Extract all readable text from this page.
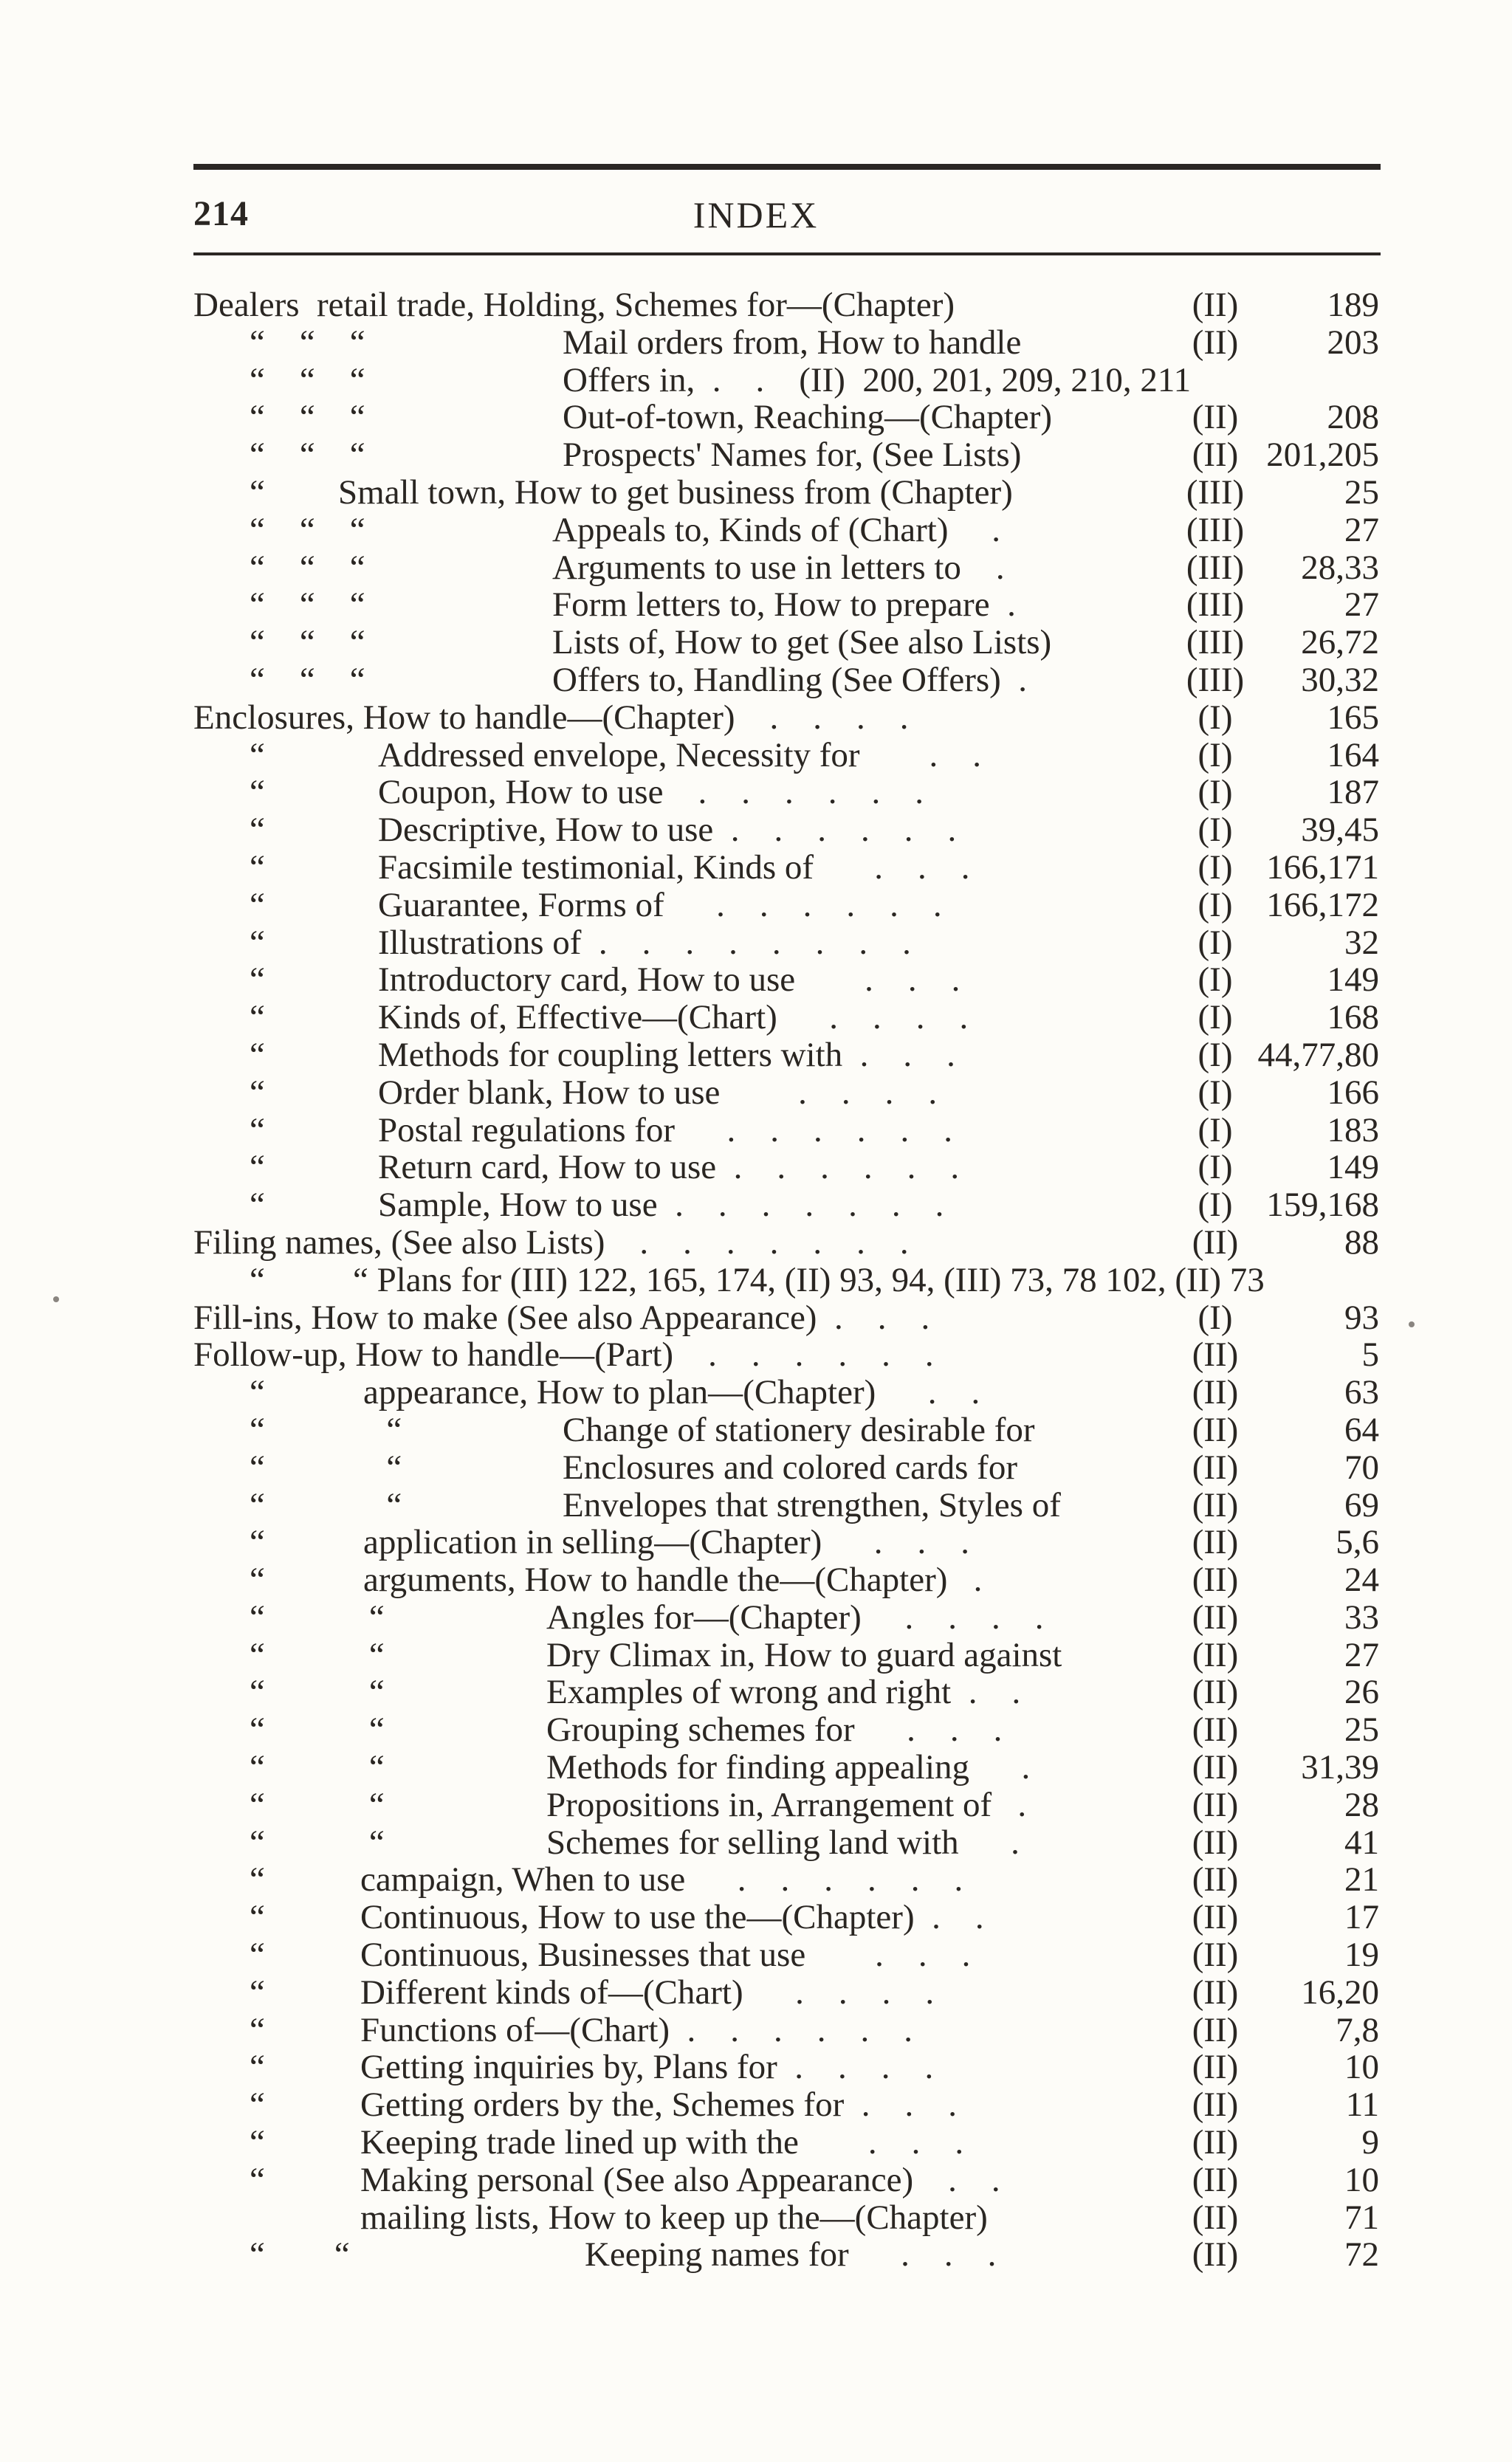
214	INDEX
Dealers  retail trade, Holding, Schemes for—(Chapter)	(II)	189
“    “    “	Mail orders from, How to handle	(II)	203
“    “    “	Offers in,  .    .    (II)  200, 201, 209, 210, 211
“    “    “	Out-of-town, Reaching—(Chapter)	(II)	208
“    “    “	Prospects' Names for, (See Lists)	(II) 201,205
“ Small town, How to get business from (Chapter)	(III)	25
“    “    “	Appeals to, Kinds of (Chart)     .	(III)	27
“    “    “	Arguments to use in letters to    .	(III) 28,33
“    “    “	Form letters to, How to prepare  .	(III)	27
“    “    “	Lists of, How to get (See also Lists)	(III) 26,72
“    “    “	Offers to, Handling (See Offers)  .	(III) 30,32
Enclosures, How to handle—(Chapter)    .    .    .    .	(I)	165
“	Addressed envelope, Necessity for        .    .	(I)	164
“	Coupon, How to use    .    .    .    .    .    .	(I)	187
“	Descriptive, How to use  .    .    .    .    .    .	(I)	39,45
“	Facsimile testimonial, Kinds of       .    .    .	(I) 166,171
“	Guarantee, Forms of      .    .    .    .    .    .	(I) 166,172
“	Illustrations of  .    .    .    .    .    .    .    .	(I)	32
“	Introductory card, How to use        .    .    .	(I)	149
“	Kinds of, Effective—(Chart)      .    .    .    .	(I)	168
“	Methods for coupling letters with  .    .    .	(I) 44,77,80
“	Order blank, How to use         .    .    .    .	(I)	166
“	Postal regulations for      .    .    .    .    .    .	(I)	183
“	Return card, How to use  .    .    .    .    .    .	(I)	149
“	Sample, How to use  .    .    .    .    .    .    .	(I) 159,168
Filing names, (See also Lists)    .    .    .    .    .    .    .	(II)	88
“	“ Plans for (III) 122, 165, 174, (II) 93, 94, (III) 73, 78 102, (II) 73
Fill-ins, How to make (See also Appearance)  .    .    .	(I)	93
Follow-up, How to handle—(Part)    .    .    .    .    .    .	(II)	5
“	appearance, How to plan—(Chapter)      .    .	(II)	63
“              “	Change of stationery desirable for	(II)	64
“              “	Enclosures and colored cards for	(II)	70
“              “	Envelopes that strengthen, Styles of	(II)	69
“	application in selling—(Chapter)      .    .    .	(II)	5,6
“	arguments, How to handle the—(Chapter)   .	(II)	24
“            “	Angles for—(Chapter)     .    .    .    .	(II)	33
“            “	Dry Climax in, How to guard against	(II)	27
“            “	Examples of wrong and right  .    .	(II)	26
“            “	Grouping schemes for      .    .    .	(II)	25
“            “	Methods for finding appealing      .	(II)	31,39
“            “	Propositions in, Arrangement of   .	(II)	28
“            “	Schemes for selling land with      .	(II)	41
“	campaign, When to use      .    .    .    .    .    .	(II)	21
“	Continuous, How to use the—(Chapter)  .    .	(II)	17
“	Continuous, Businesses that use        .    .    .	(II)	19
“	Different kinds of—(Chart)      .    .    .    .	(II)	16,20
“	Functions of—(Chart)  .    .    .    .    .    .	(II)	7,8
“	Getting inquiries by, Plans for  .    .    .    .	(II)	10
“	Getting orders by the, Schemes for  .    .    .	(II)	11
“	Keeping trade lined up with the        .    .    .	(II)	9
“	Making personal (See also Appearance)    .    .	(II)	10
mailing lists, How to keep up the—(Chapter)	(II)	71
“        “	Keeping names for      .    .    .	(II)	72
